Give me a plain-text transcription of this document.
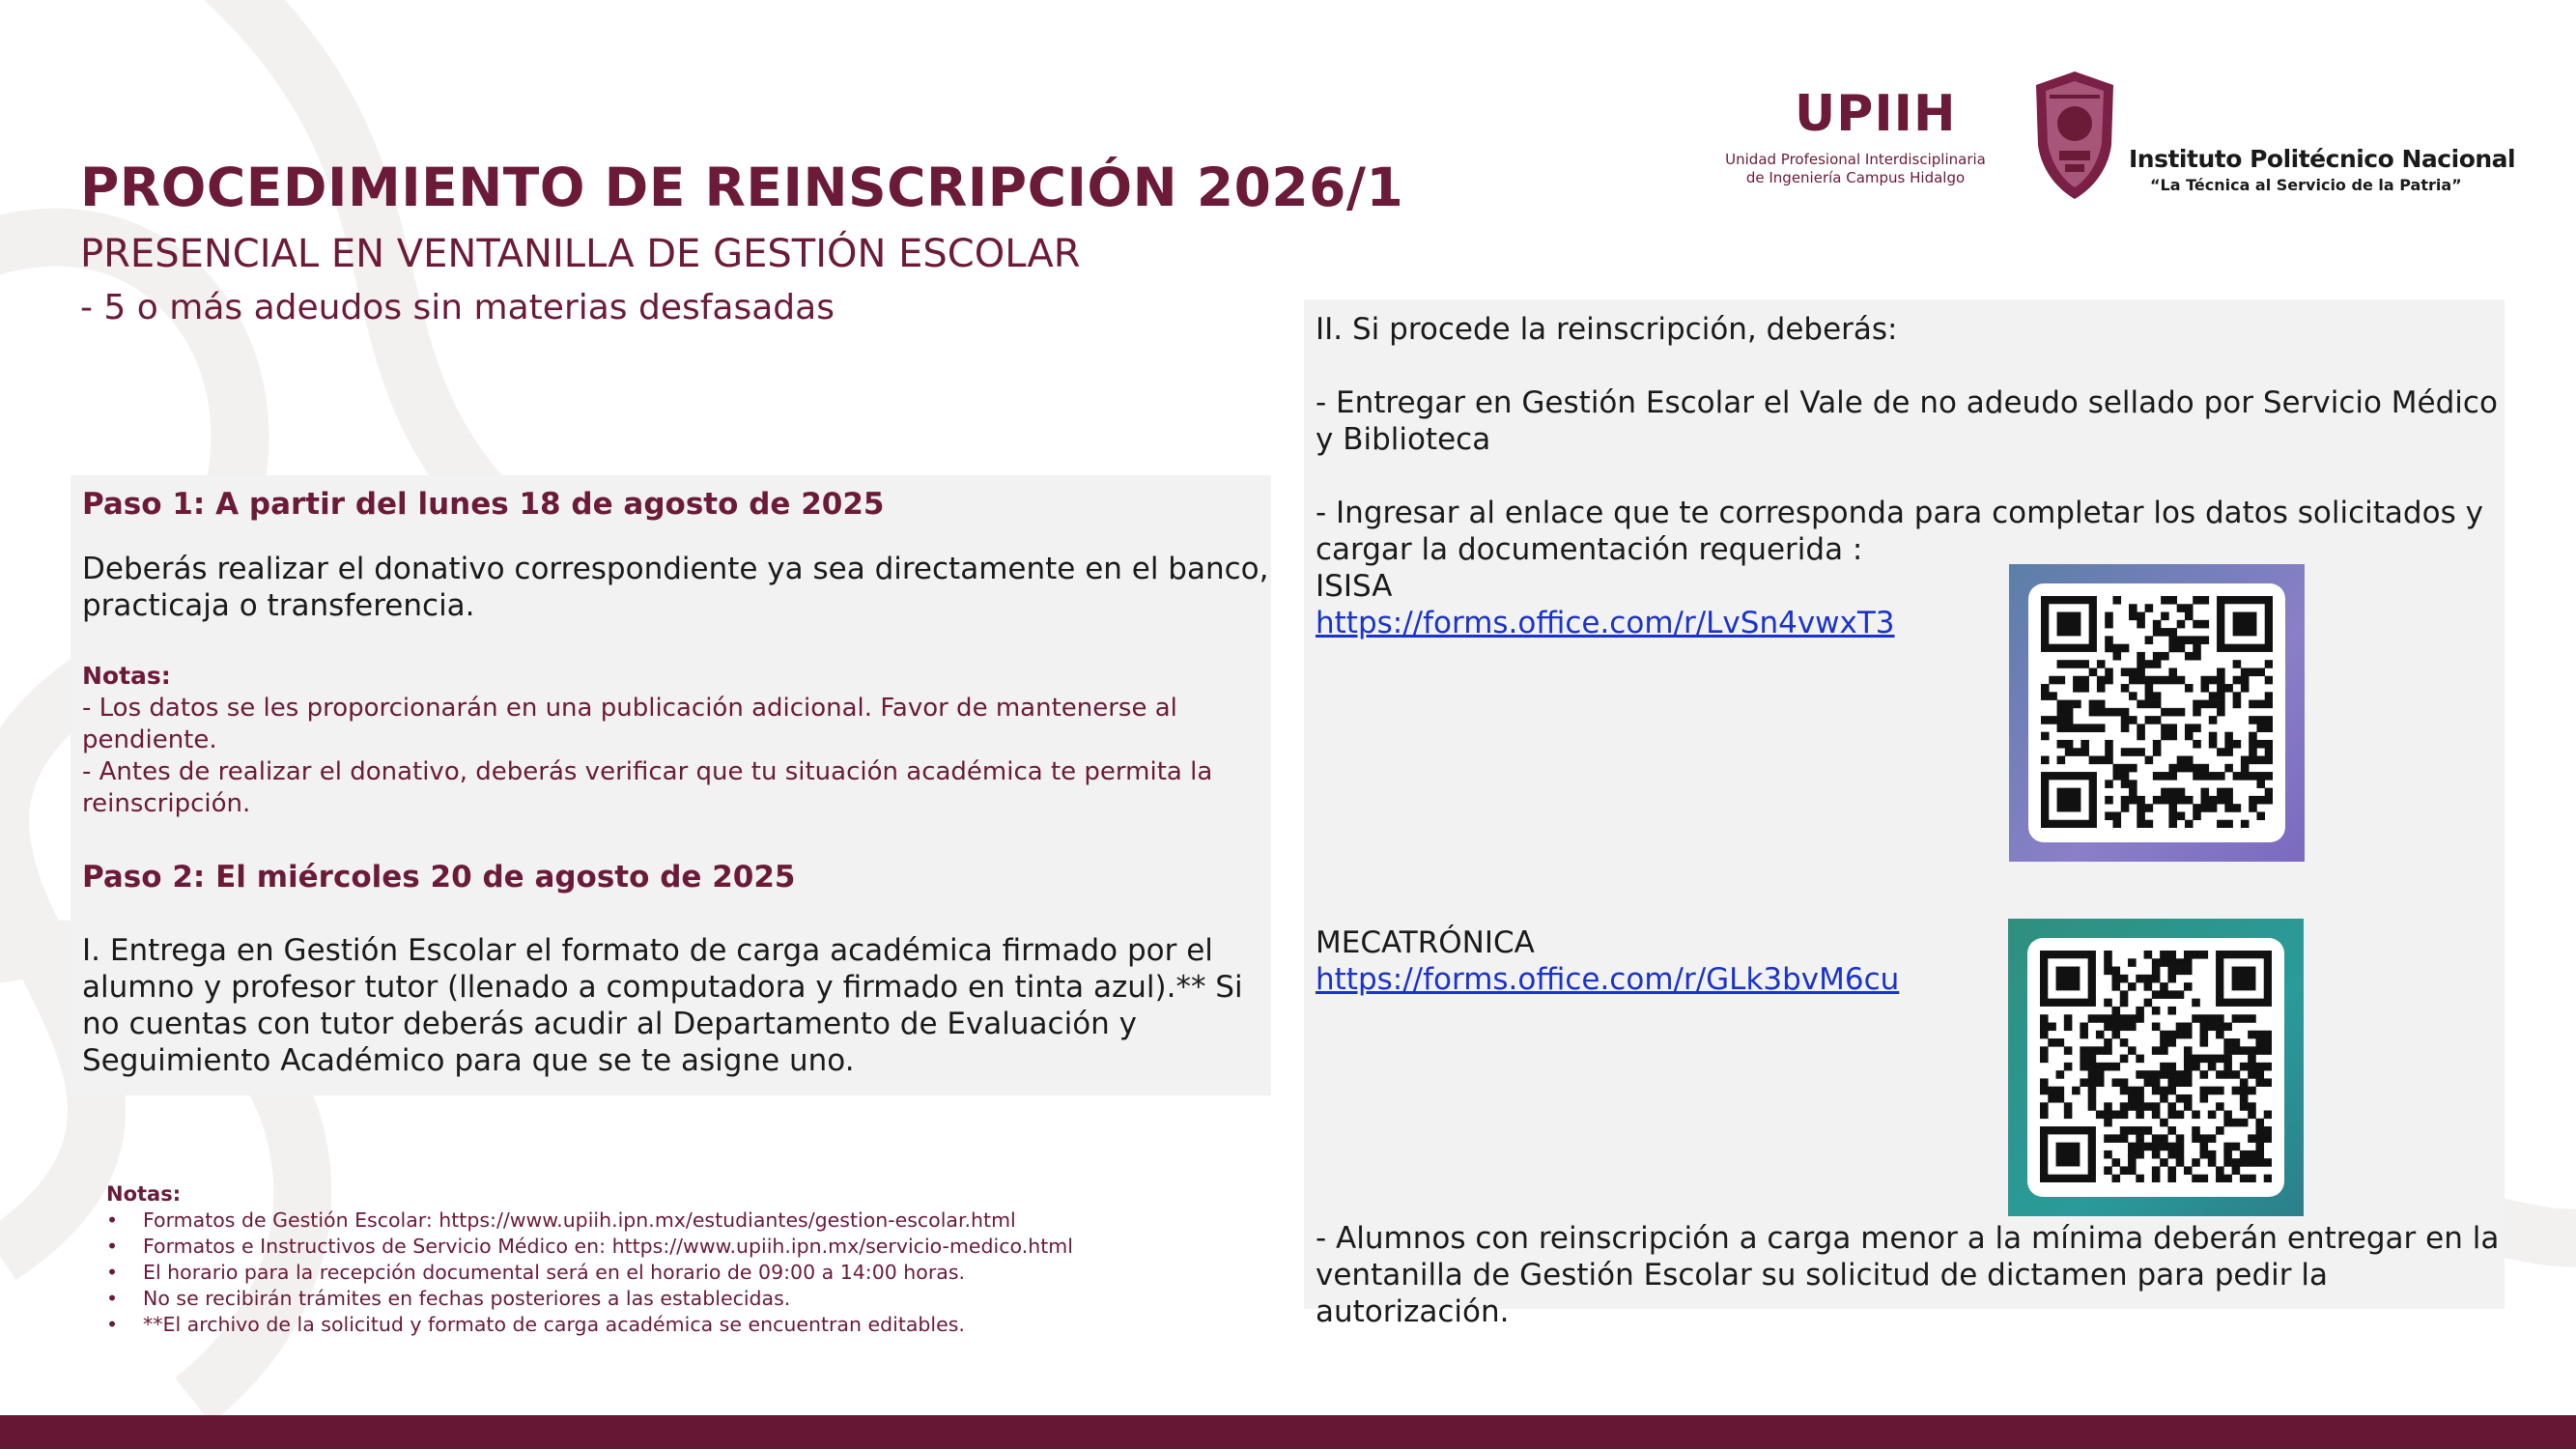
PROCEDIMIENTO DE REINSCRIPCIÓN 2026/1
PRESENCIAL EN VENTANILLA DE GESTIÓN ESCOLAR
- 5 o más adeudos sin materias desfasadas
UPIIH
Unidad Profesional Interdisciplinaria
de Ingeniería Campus Hidalgo
Instituto Politécnico Nacional
“La Técnica al Servicio de la Patria”
Paso 1: A partir del lunes 18 de agosto de 2025
Deberás realizar el donativo correspondiente ya sea directamente en el banco, practicaja o transferencia.
Notas:
- Los datos se les proporcionarán en una publicación adicional. Favor de mantenerse al pendiente.
- Antes de realizar el donativo, deberás verificar que tu situación académica te permita la reinscripción.
Paso 2: El miércoles 20 de agosto de 2025
I. Entrega en Gestión Escolar el formato de carga académica firmado por el alumno y profesor tutor (llenado a computadora y firmado en tinta azul).** Si no cuentas con tutor deberás acudir al Departamento de Evaluación y Seguimiento Académico para que se te asigne uno.
II. Si procede la reinscripción, deberás:
- Entregar en Gestión Escolar el Vale de no adeudo sellado por Servicio Médico y Biblioteca
- Ingresar al enlace que te corresponda para completar los datos solicitados y cargar la documentación requerida :
ISISA
https://forms.office.com/r/LvSn4vwxT3
MECATRÓNICA
https://forms.office.com/r/GLk3bvM6cu
- Alumnos con reinscripción a carga menor a la mínima deberán entregar en la ventanilla de Gestión Escolar su solicitud de dictamen para pedir la autorización.
Notas:
• Formatos de Gestión Escolar: https://www.upiih.ipn.mx/estudiantes/gestion-escolar.html
• Formatos e Instructivos de Servicio Médico en: https://www.upiih.ipn.mx/servicio-medico.html
• El horario para la recepción documental será en el horario de 09:00 a 14:00 horas.
• No se recibirán trámites en fechas posteriores a las establecidas.
• **El archivo de la solicitud y formato de carga académica se encuentran editables.
